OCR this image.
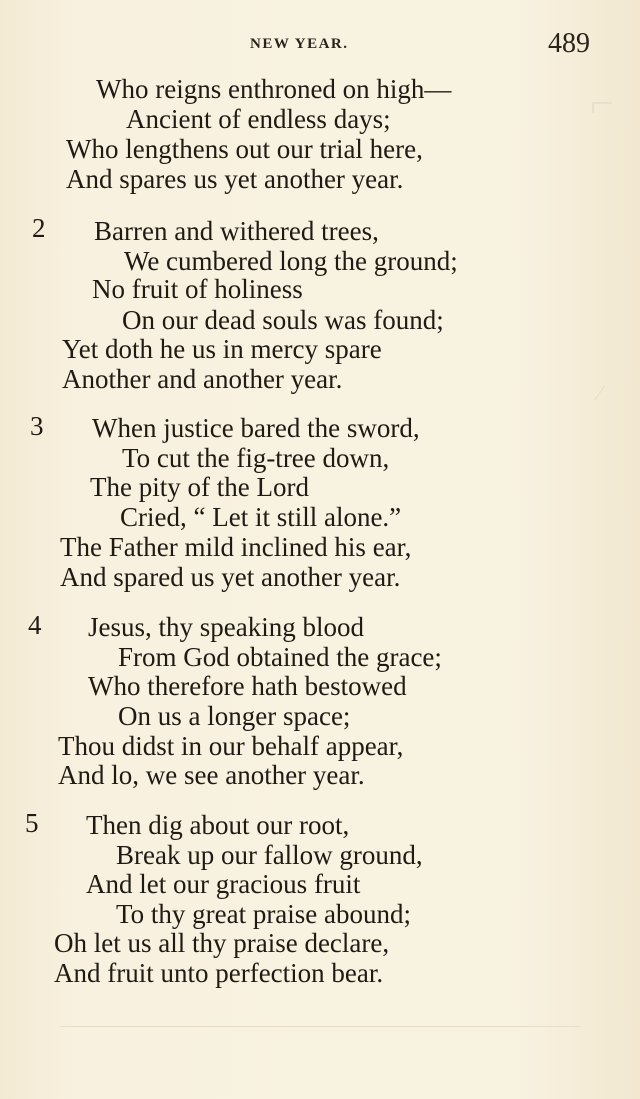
NEW YEAR.	489
Who reigns enthroned on high—
Ancient of endless days;
Who lengthens out our trial here,
And spares us yet another year.
2 Barren and withered trees,
We cumbered long the ground;
No fruit of holiness
On our dead souls was found;
Yet doth he us in mercy spare
Another and another year.
3 When justice bared the sword,
To cut the fig-tree down,
The pity of the Lord
Cried, “ Let it still alone.”
The Father mild inclined his ear,
And spared us yet another year.
4 Jesus, thy speaking blood
From God obtained the grace;
Who therefore hath bestowed
On us a longer space;
Thou didst in our behalf appear,
And lo, we see another year.
5 Then dig about our root,
Break up our fallow ground,
And let our gracious fruit
To thy great praise abound;
Oh let us all thy praise declare,
And fruit unto perfection bear.
⌐
⁄
